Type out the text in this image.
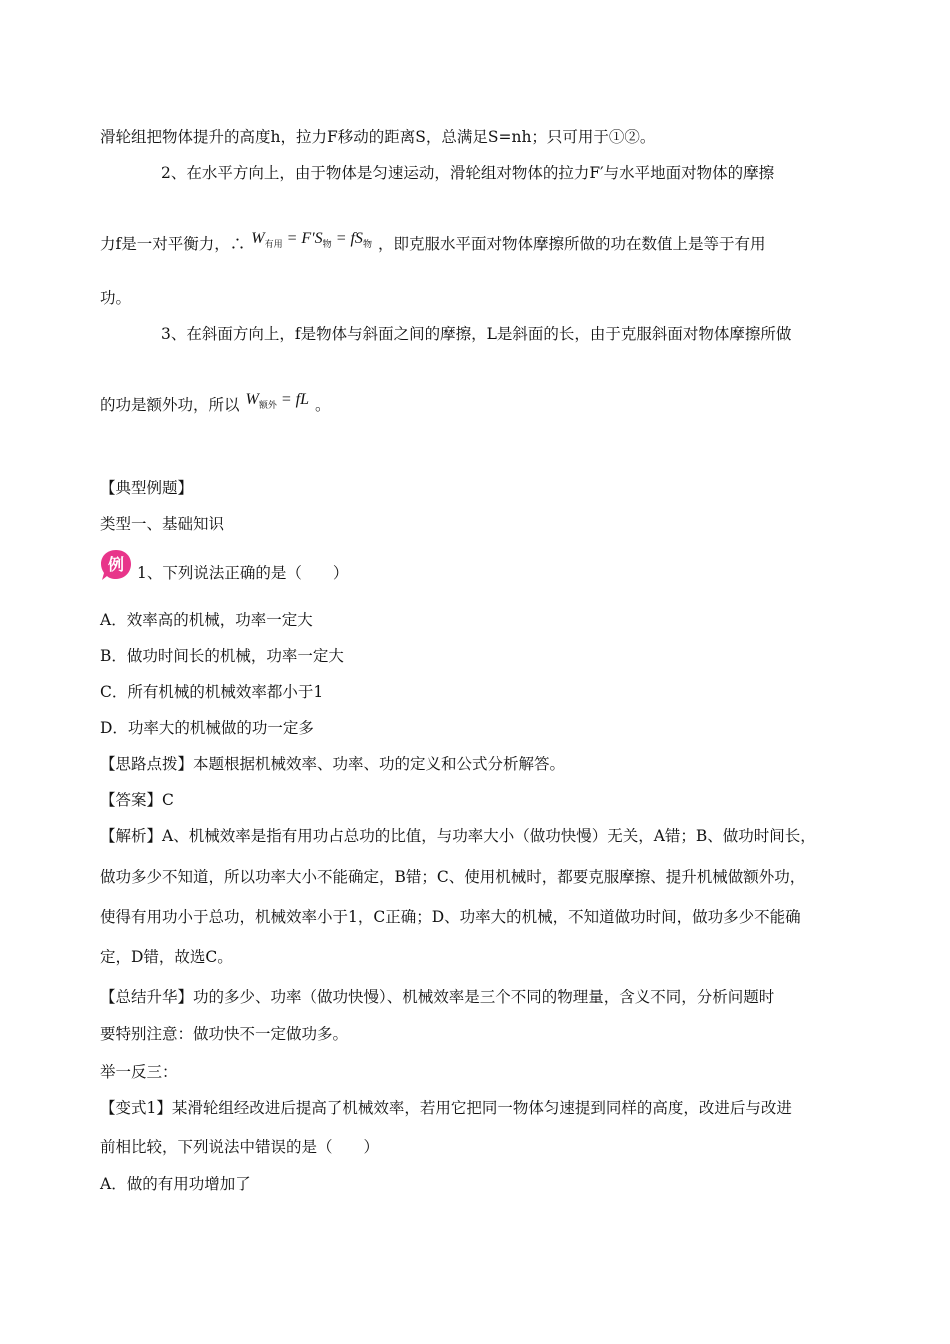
滑轮组把物体提升的高度h，拉力F移动的距离S，总满足S=nh；只可用于①②。
2、在水平方向上，由于物体是匀速运动，滑轮组对物体的拉力F′与水平地面对物体的摩擦
力f是一对平衡力，∴ $W_{有用} = F'S_物 = fS_物$ ，即克服水平面对物体摩擦所做的功在数值上是等于有用
功。
3、在斜面方向上，f是物体与斜面之间的摩擦，L是斜面的长，由于克服斜面对物体摩擦所做
的功是额外功，所以 $W_{额外}$ = fL 。
【典型例题】
类型一、基础知识
例 1、下列说法正确的是（　　）
A．效率高的机械，功率一定大
B．做功时间长的机械，功率一定大
C．所有机械的机械效率都小于1
D．功率大的机械做的功一定多
【思路点拨】本题根据机械效率、功率、功的定义和公式分析解答。
【答案】C
【解析】A、机械效率是指有用功占总功的比值，与功率大小（做功快慢）无关，A错；B、做功时间长，
做功多少不知道，所以功率大小不能确定，B错；C、使用机械时，都要克服摩擦、提升机械做额外功，
使得有用功小于总功，机械效率小于1，C正确；D、功率大的机械，不知道做功时间，做功多少不能确
定，D错，故选C。
【总结升华】功的多少、功率（做功快慢）、机械效率是三个不同的物理量，含义不同，分析问题时
要特别注意：做功快不一定做功多。
举一反三：
【变式1】某滑轮组经改进后提高了机械效率，若用它把同一物体匀速提到同样的高度，改进后与改进
前相比较，下列说法中错误的是（　　）
A．做的有用功增加了
